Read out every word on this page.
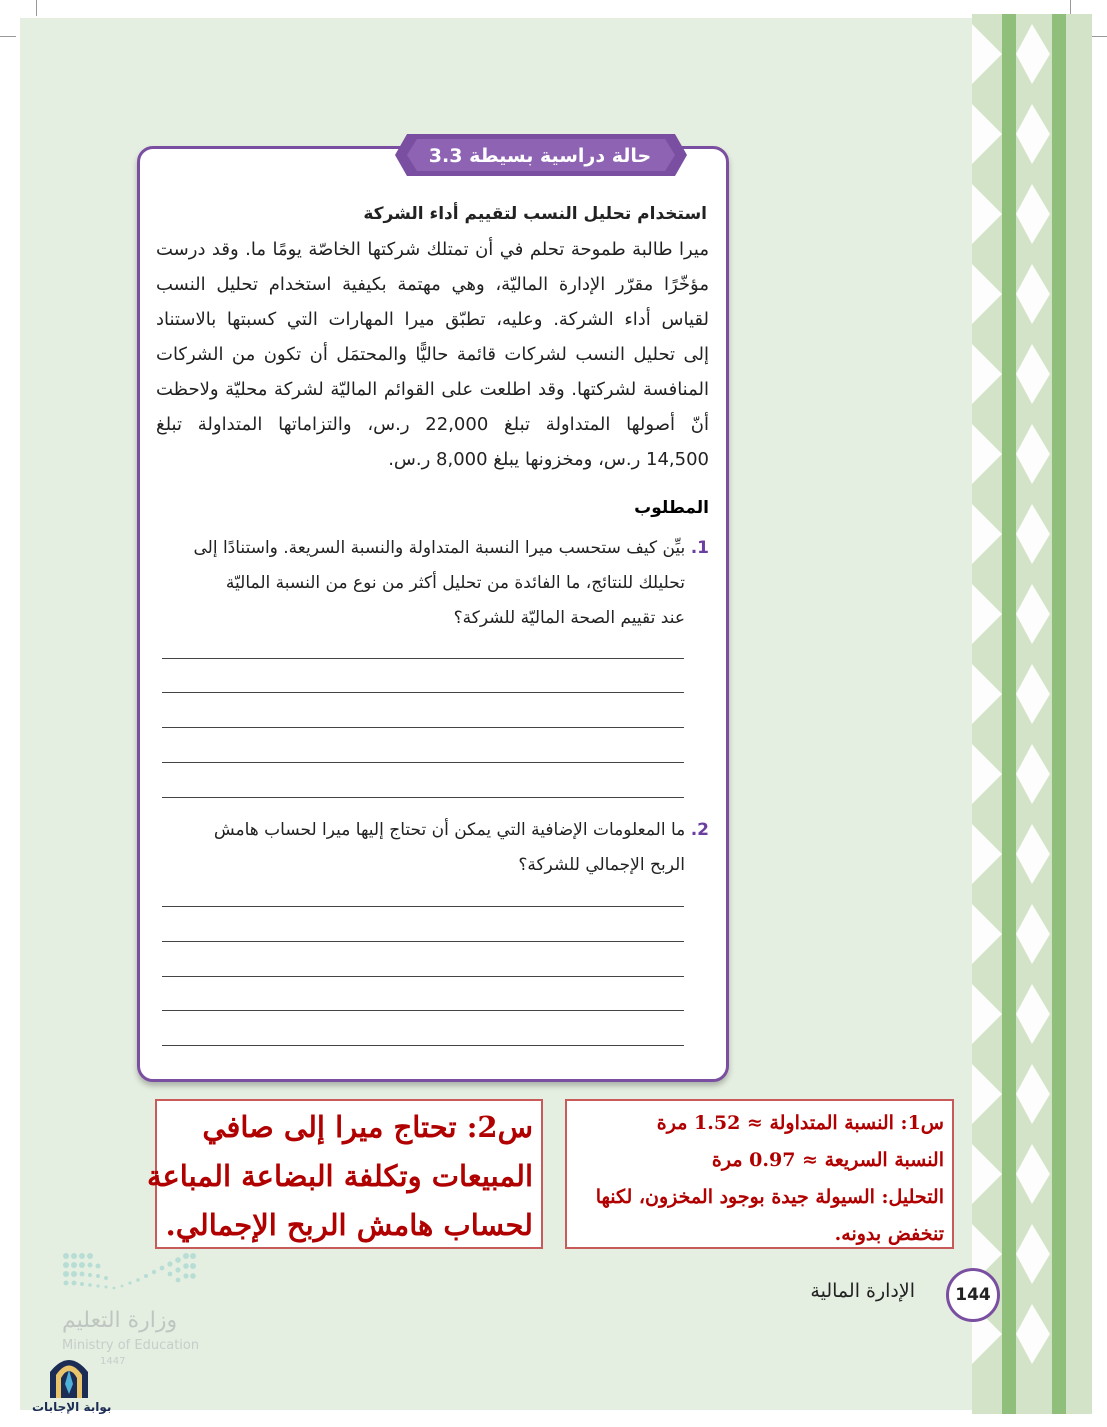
حالة دراسية بسيطة 3.3
استخدام تحليل النسب لتقييم أداء الشركة
ميرا طالبة طموحة تحلم في أن تمتلك شركتها الخاصّة يومًا ما. وقد درست
مؤخّرًا مقرّر الإدارة الماليّة، وهي مهتمة بكيفية استخدام تحليل النسب
لقياس أداء الشركة. وعليه، تطبّق ميرا المهارات التي كسبتها بالاستناد
إلى تحليل النسب لشركات قائمة حاليًّا والمحتمَل أن تكون من الشركات
المنافسة لشركتها. وقد اطلعت على القوائم الماليّة لشركة محليّة ولاحظت
أنّ أصولها المتداولة تبلغ 22,000 ر.س، والتزاماتها المتداولة تبلغ
14,500 ر.س، ومخزونها يبلغ 8,000 ر.س.
المطلوب
1. بيِّن كيف ستحسب ميرا النسبة المتداولة والنسبة السريعة. واستنادًا إلى
تحليلك للنتائج، ما الفائدة من تحليل أكثر من نوع من النسبة الماليّة
عند تقييم الصحة الماليّة للشركة؟
2. ما المعلومات الإضافية التي يمكن أن تحتاج إليها ميرا لحساب هامش
الربح الإجمالي للشركة؟
س1: النسبة المتداولة ≈ 1.52 مرة
النسبة السريعة ≈ 0.97 مرة
التحليل: السيولة جيدة بوجود المخزون، لكنها
تنخفض بدونه.
س2: تحتاج ميرا إلى صافي
المبيعات وتكلفة البضاعة المباعة
لحساب هامش الربح الإجمالي.
144
الإدارة المالية
وزارة التعليم
Ministry of Education
1447
بوابة الإجابات
